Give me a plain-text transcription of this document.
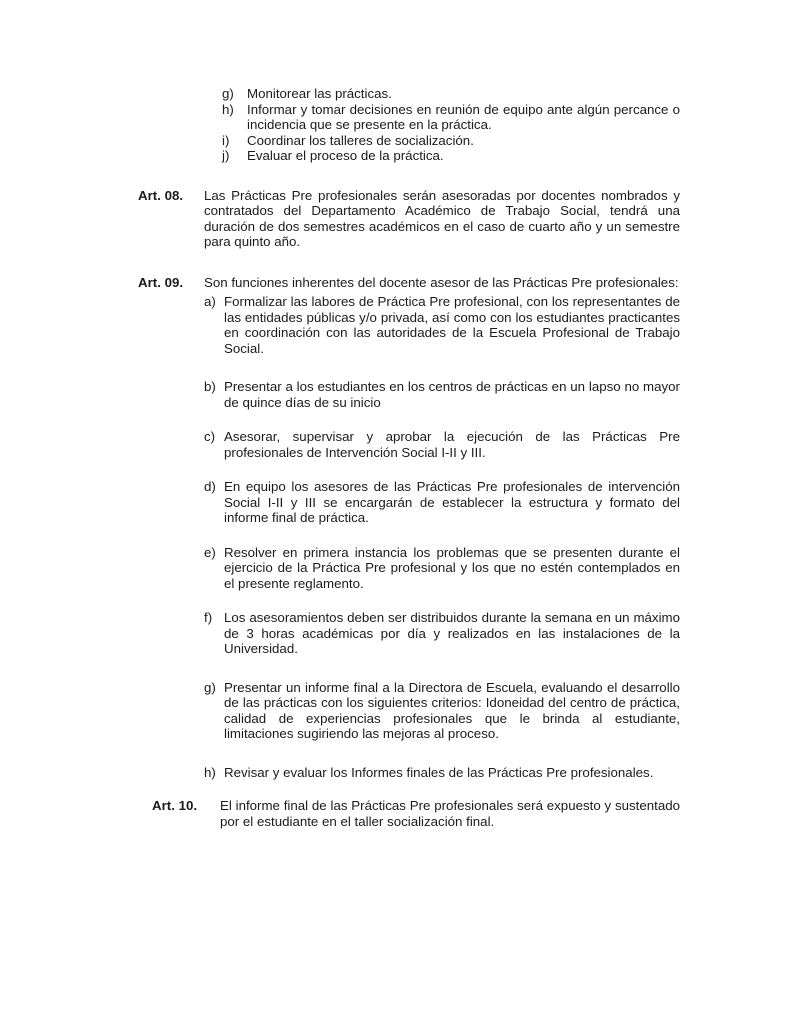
g) Monitorear las prácticas.
h) Informar y tomar decisiones en reunión de equipo ante algún percance o incidencia que se presente en la práctica.
i)	Coordinar los talleres de socialización.
j)	Evaluar el proceso de la práctica.
Art. 08.	Las Prácticas Pre profesionales serán asesoradas por docentes nombrados y contratados del Departamento Académico de Trabajo Social, tendrá una duración de dos semestres académicos en el caso de cuarto año y un semestre para quinto año.

Art. 09.	Son funciones inherentes del docente asesor de las Prácticas Pre profesionales:

a) Formalizar las labores de Práctica Pre profesional, con los representantes de las entidades públicas y/o privada, así como con los estudiantes practicantes en coordinación con las autoridades de la Escuela Profesional de Trabajo Social.
b) Presentar a los estudiantes en los centros de prácticas en un lapso no mayor de quince días de su inicio
c) Asesorar, supervisar y aprobar la ejecución de las Prácticas Pre profesionales de Intervención Social I-II y III.
d) En equipo los asesores de las Prácticas Pre profesionales de intervención Social I-II y III se encargarán de establecer la estructura y formato del informe final de práctica.
e) Resolver en primera instancia los problemas que se presenten durante el ejercicio de la Práctica Pre profesional y los que no estén contemplados en el presente reglamento.
f) Los asesoramientos deben ser distribuidos durante la semana en un máximo de 3 horas académicas por día y realizados en las instalaciones de la Universidad.
g) Presentar un informe final a la Directora de Escuela, evaluando el desarrollo de las prácticas con los siguientes criterios: Idoneidad del centro de práctica, calidad de experiencias profesionales que le brinda al estudiante, limitaciones sugiriendo las mejoras al proceso.
h) Revisar y evaluar los Informes finales de las Prácticas Pre profesionales.
Art. 10.	El informe final de las Prácticas Pre profesionales será expuesto y sustentado por el estudiante en el taller socialización final.
